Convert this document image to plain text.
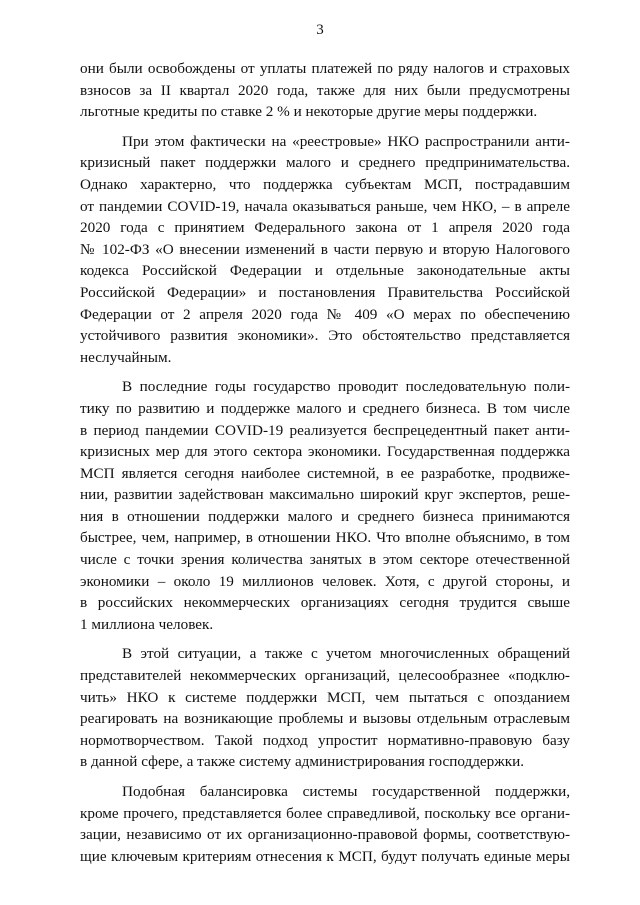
3
они были освобождены от уплаты платежей по ряду налогов и страховых
взносов за II квартал 2020 года, также для них были предусмотрены
льготные кредиты по ставке 2 % и некоторые другие меры поддержки.
При этом фактически на «реестровые» НКО распространили анти-
кризисный пакет поддержки малого и среднего предпринимательства.
Однако характерно, что поддержка субъектам МСП, пострадавшим
от пандемии COVID-19, начала оказываться раньше, чем НКО, – в апреле
2020 года с принятием Федерального закона от 1 апреля 2020 года
№ 102-ФЗ «О внесении изменений в части первую и вторую Налогового
кодекса Российской Федерации и отдельные законодательные акты
Российской Федерации» и постановления Правительства Российской
Федерации от 2 апреля 2020 года № 409 «О мерах по обеспечению
устойчивого развития экономики». Это обстоятельство представляется
неслучайным.
В последние годы государство проводит последовательную поли-
тику по развитию и поддержке малого и среднего бизнеса. В том числе
в период пандемии COVID-19 реализуется беспрецедентный пакет анти-
кризисных мер для этого сектора экономики. Государственная поддержка
МСП является сегодня наиболее системной, в ее разработке, продвиже-
нии, развитии задействован максимально широкий круг экспертов, реше-
ния в отношении поддержки малого и среднего бизнеса принимаются
быстрее, чем, например, в отношении НКО. Что вполне объяснимо, в том
числе с точки зрения количества занятых в этом секторе отечественной
экономики – около 19 миллионов человек. Хотя, с другой стороны, и
в российских некоммерческих организациях сегодня трудится свыше
1 миллиона человек.
В этой ситуации, а также с учетом многочисленных обращений
представителей некоммерческих организаций, целесообразнее «подклю-
чить» НКО к системе поддержки МСП, чем пытаться с опозданием
реагировать на возникающие проблемы и вызовы отдельным отраслевым
нормотворчеством. Такой подход упростит нормативно-правовую базу
в данной сфере, а также систему администрирования господдержки.
Подобная балансировка системы государственной поддержки,
кроме прочего, представляется более справедливой, поскольку все органи-
зации, независимо от их организационно-правовой формы, соответствую-
щие ключевым критериям отнесения к МСП, будут получать единые меры
